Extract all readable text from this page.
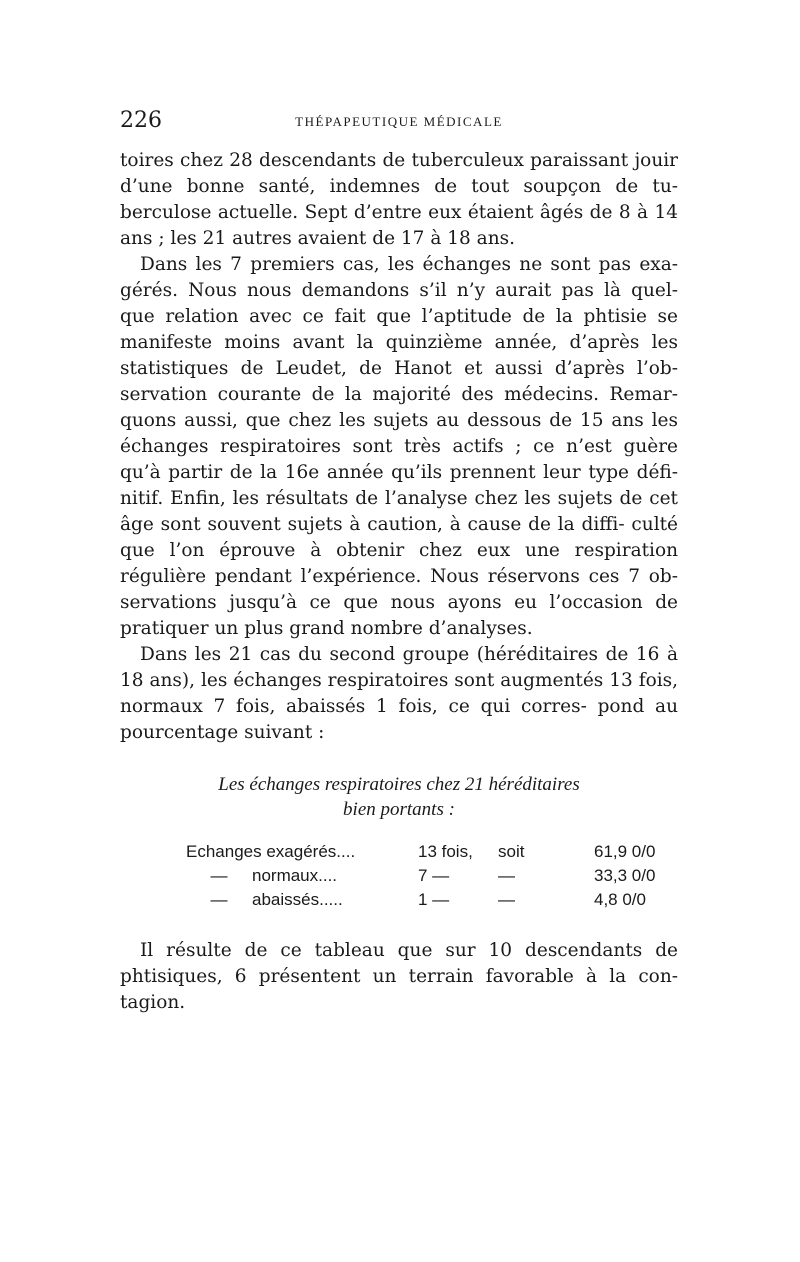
226	THÉPAPEUTIQUE MÉDICALE

toires chez 28 descendants de tuberculeux paraissant jouir d’une bonne santé, indemnes de tout soupçon de tu- berculose actuelle. Sept d’entre eux étaient âgés de 8 à 14 ans ; les 21 autres avaient de 17 à 18 ans.

Dans les 7 premiers cas, les échanges ne sont pas exa- gérés. Nous nous demandons s’il n’y aurait pas là quel- que relation avec ce fait que l’aptitude de la phtisie se manifeste moins avant la quinzième année, d’après les statistiques de Leudet, de Hanot et aussi d’après l’ob- servation courante de la majorité des médecins. Remar- quons aussi, que chez les sujets au dessous de 15 ans les échanges respiratoires sont très actifs ; ce n’est guère qu’à partir de la 16e année qu’ils prennent leur type défi- nitif. Enfin, les résultats de l’analyse chez les sujets de cet âge sont souvent sujets à caution, à cause de la diffi- culté que l’on éprouve à obtenir chez eux une respiration régulière pendant l’expérience. Nous réservons ces 7 ob- servations jusqu’à ce que nous ayons eu l’occasion de pratiquer un plus grand nombre d’analyses.

Dans les 21 cas du second groupe (héréditaires de 16 à 18 ans), les échanges respiratoires sont augmentés 13 fois, normaux 7 fois, abaissés 1 fois, ce qui corres- pond au pourcentage suivant :

Les échanges respiratoires chez 21 héréditaires
bien portants :
Echanges exagérés....	13 fois,	soit	61,9 0/0
— normaux....	7 —	—	33,3 0/0
— abaissés.....	1 —	—	4,8 0/0

Il résulte de ce tableau que sur 10 descendants de phtisiques, 6 présentent un terrain favorable à la con- tagion.
